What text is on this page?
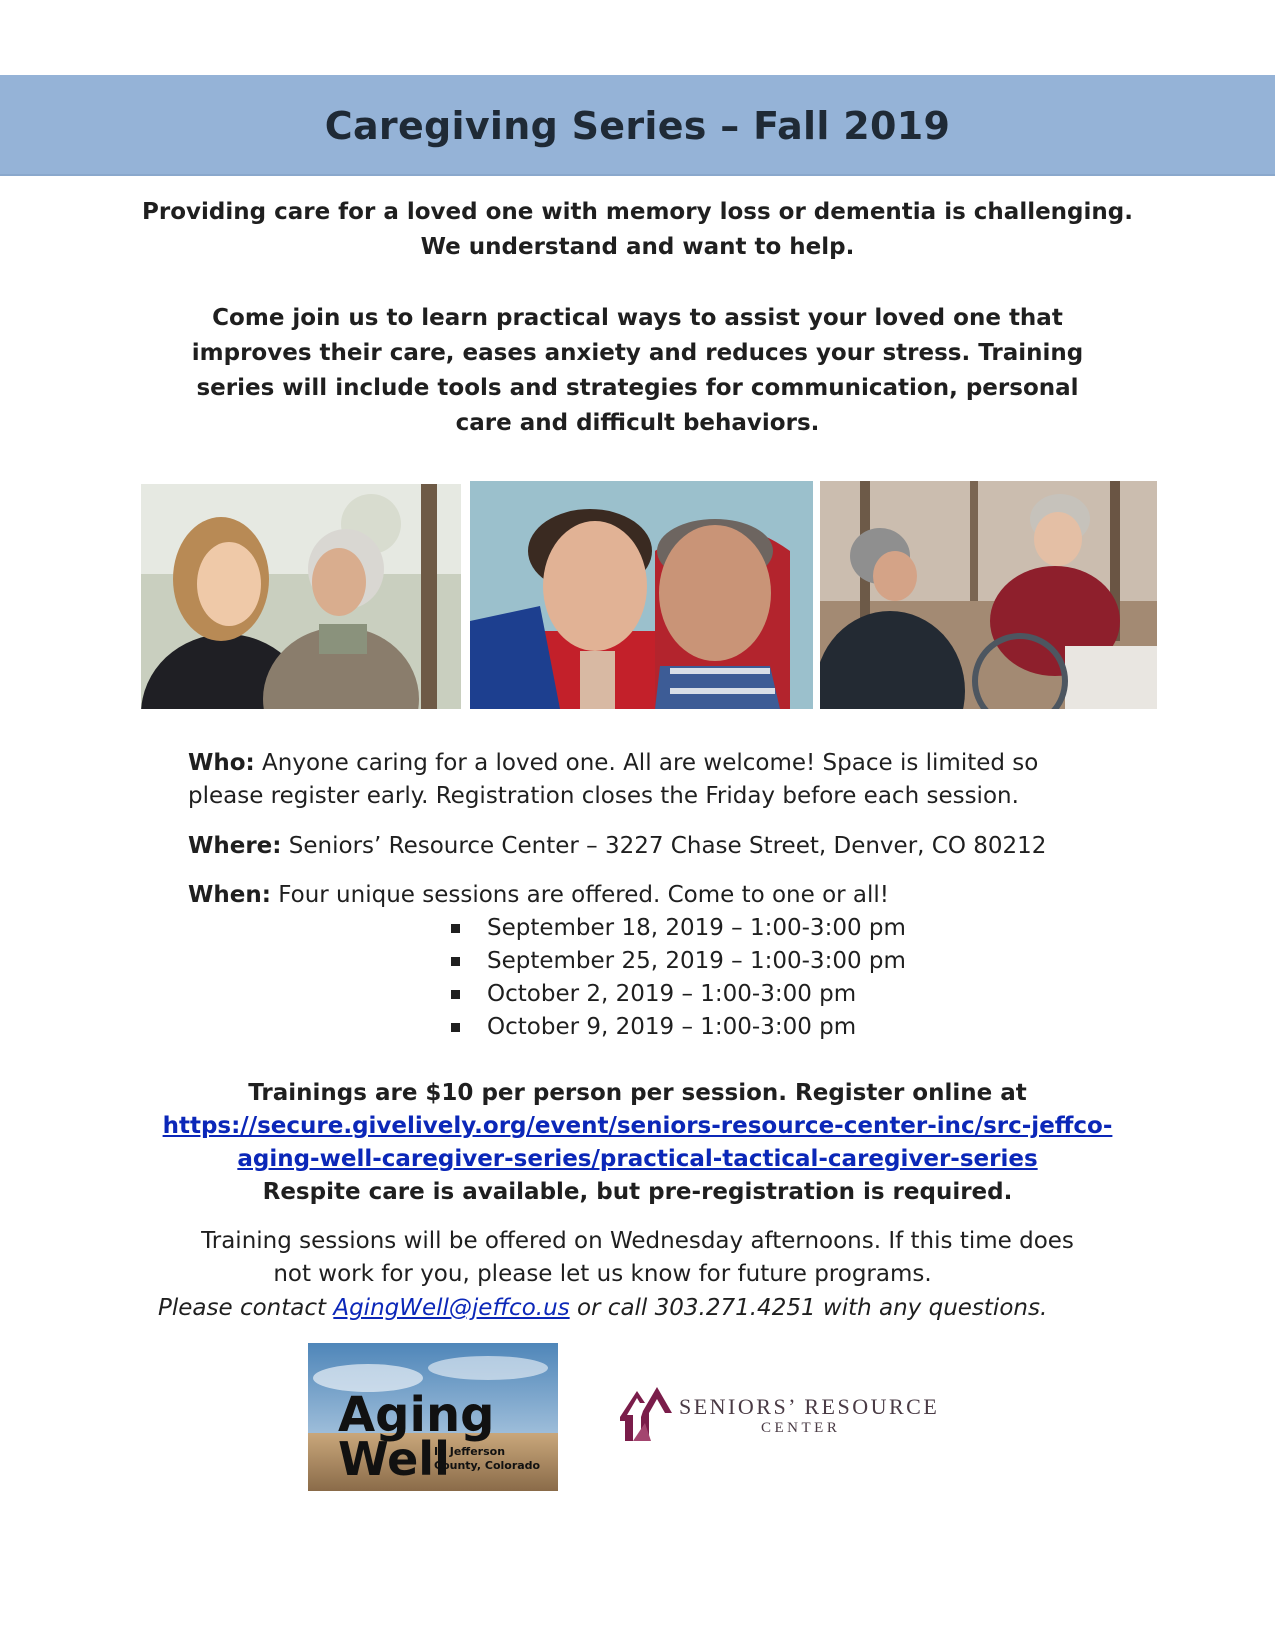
Caregiving Series – Fall 2019
Providing care for a loved one with memory loss or dementia is challenging.
We understand and want to help.

Come join us to learn practical ways to assist your loved one that improves their care, eases anxiety and reduces your stress. Training series will include tools and strategies for communication, personal care and difficult behaviors.

Who: Anyone caring for a loved one. All are welcome! Space is limited so please register early. Registration closes the Friday before each session.

Where: Seniors’ Resource Center – 3227 Chase Street, Denver, CO 80212

When: Four unique sessions are offered. Come to one or all!

September 18, 2019 – 1:00-3:00 pm
September 25, 2019 – 1:00-3:00 pm
October 2, 2019 – 1:00-3:00 pm
October 9, 2019 – 1:00-3:00 pm
Trainings are $10 per person per session. Register online at
https://secure.givelively.org/event/seniors-resource-center-inc/src-jeffco-
aging-well-caregiver-series/practical-tactical-caregiver-series
Respite care is available, but pre-registration is required.
Training sessions will be offered on Wednesday afternoons. If this time does
not work for you, please let us know for future programs.
Please contact AgingWell@jeffco.us or call 303.271.4251 with any questions.
Aging
Well
In Jefferson
County, Colorado
SENIORS’ RESOURCE
CENTER
